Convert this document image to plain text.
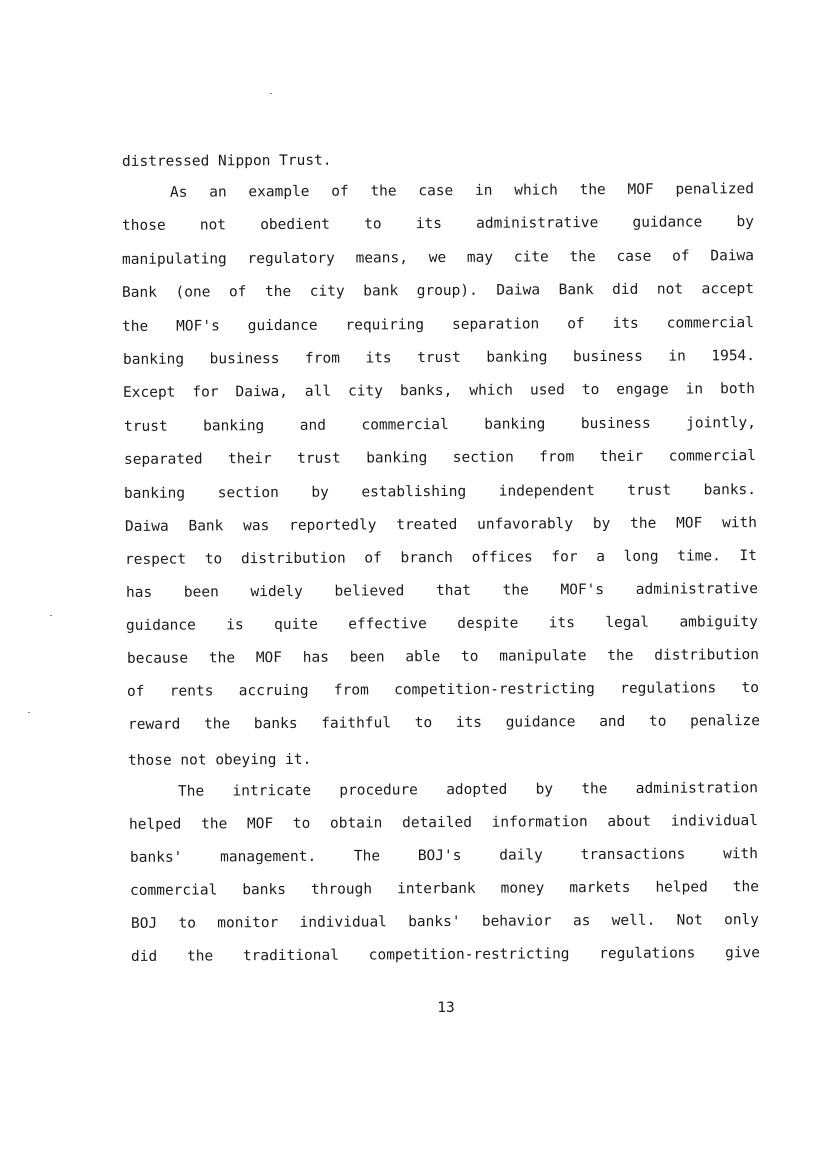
distressed Nippon Trust.
As an example of the case in which the MOF penalized
those not obedient to its administrative guidance by
manipulating regulatory means, we may cite the case of Daiwa
Bank (one of the city bank group). Daiwa Bank did not accept
the MOF's guidance requiring separation of its commercial
banking business from its trust banking business in 1954.
Except for Daiwa, all city banks, which used to engage in both
trust banking and commercial banking business jointly,
separated their trust banking section from their commercial
banking section by establishing independent trust banks.
Daiwa Bank was reportedly treated unfavorably by the MOF with
respect to distribution of branch offices for a long time. It
has been widely believed that the MOF's administrative
guidance is quite effective despite its legal ambiguity
because the MOF has been able to manipulate the distribution
of rents accruing from competition-restricting regulations to
reward the banks faithful to its guidance and to penalize
those not obeying it.
The intricate procedure adopted by the administration
helped the MOF to obtain detailed information about individual
banks' management. The BOJ's daily transactions with
commercial banks through interbank money markets helped the
BOJ to monitor individual banks' behavior as well. Not only
did the traditional competition-restricting regulations give
13
